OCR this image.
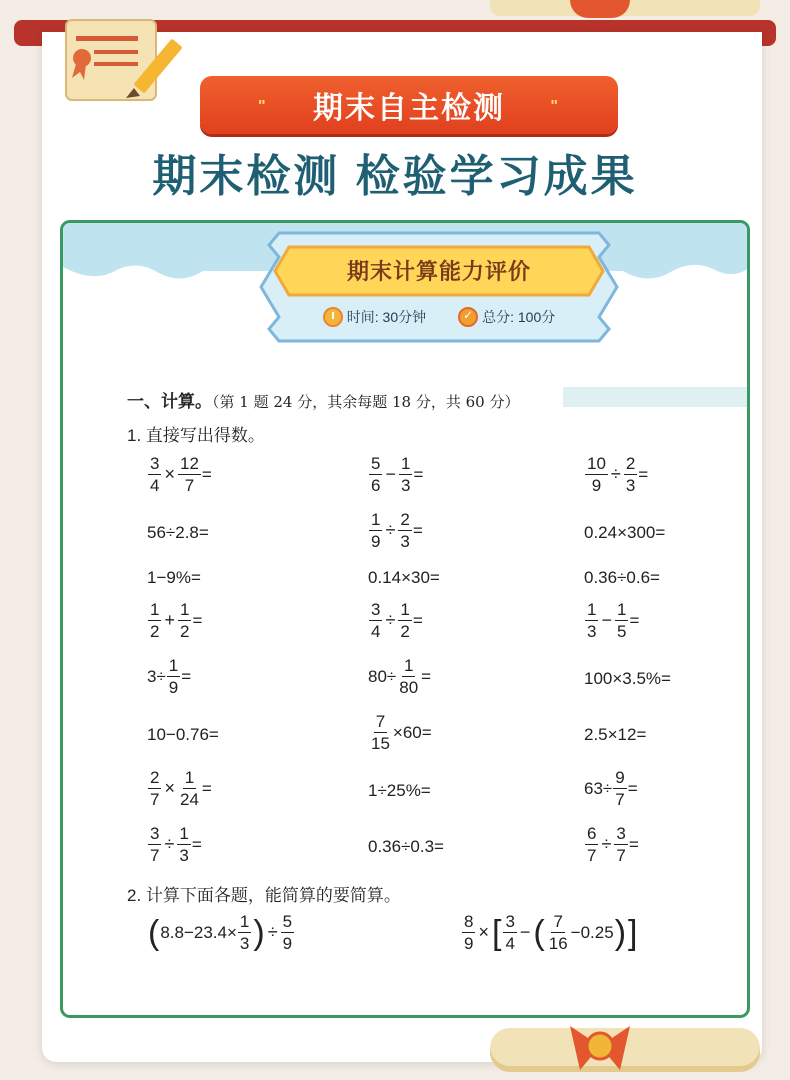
" 期末自主检测	"
期末检测 检验学习成果
期末计算能力评价
时间: 30分钟
✓	总分: 100分
一、计算。（第 1 题 24 分，其余每题 18 分，共 60 分）
1. 直接写出得数。
$\frac{3}{4} \times \frac{12}{7}$ =	$\frac{5}{6} - \frac{1}{3}$ =	$\frac{10}{9} \div \frac{2}{3}$ =
56÷2.8=	$\frac{1}{9} \div \frac{2}{3}$ =	0.24×300=
1−9%=	0.14×30=	0.36÷0.6=
$\frac{1}{2} + \frac{1}{2}$ =	$\frac{3}{4} \div \frac{1}{2}$ =	$\frac{1}{3} - \frac{1}{5}$ =
$3\div \frac{1}{9}$ =	$80\div \frac{1}{80}$ =	100×3.5%=
10−0.76=	$\frac{7}{15} \times 60=$	2.5×12=
$\frac{2}{7} \times \frac{1}{24}$ =	1÷25%=	$63\div \frac{9}{7}$ =
$\frac{3}{7} \div \frac{1}{3}$ =	0.36÷0.3=	$\frac{6}{7} \div \frac{3}{7}$ =
2. 计算下面各题，能简算的要简算。
( $8.8-23.4\times \frac{1}{3}$ ) ÷ $\frac{5}{9}$	$\frac{8}{9}$ × [ $\frac{3}{4}$ − ( $\frac{7}{16} -0.25$ ) ]
